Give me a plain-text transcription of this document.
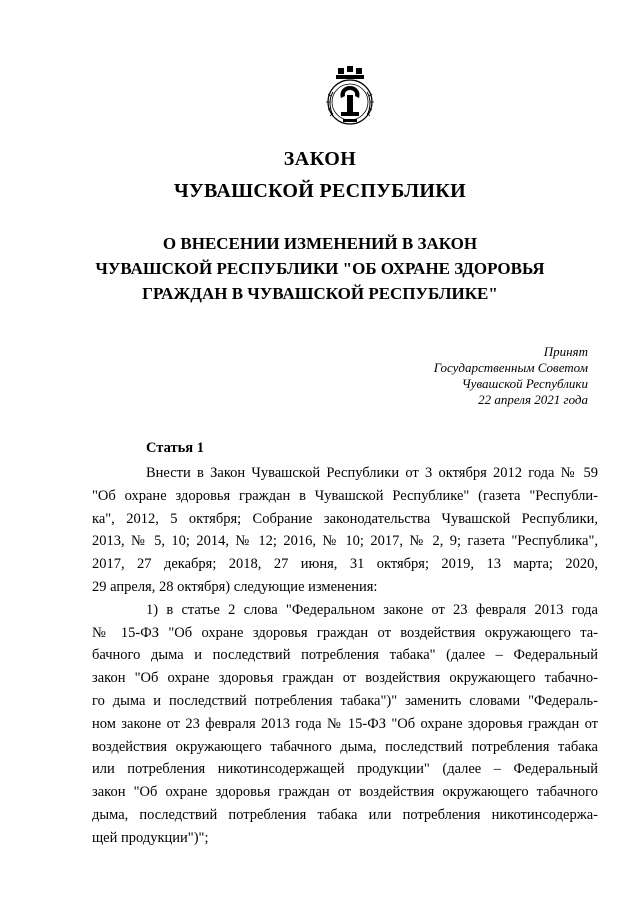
ЗАКОН
ЧУВАШСКОЙ РЕСПУБЛИКИ
О ВНЕСЕНИИ ИЗМЕНЕНИЙ В ЗАКОН
ЧУВАШСКОЙ РЕСПУБЛИКИ "ОБ ОХРАНЕ ЗДОРОВЬЯ
ГРАЖДАН В ЧУВАШСКОЙ РЕСПУБЛИКЕ"
Принят
Государственным Советом
Чувашской Республики
22 апреля 2021 года
Статья 1
Внести в Закон Чувашской Республики от 3 октября 2012 года № 59
"Об охране здоровья граждан в Чувашской Республике" (газета "Республи-
ка", 2012, 5 октября; Собрание законодательства Чувашской Республики,
2013, № 5, 10; 2014, № 12; 2016, № 10; 2017, № 2, 9; газета "Республика",
2017, 27 декабря; 2018, 27 июня, 31 октября; 2019, 13 марта; 2020,
29 апреля, 28 октября) следующие изменения:
1) в статье 2 слова "Федеральном законе от 23 февраля 2013 года
№ 15-ФЗ "Об охране здоровья граждан от воздействия окружающего та-
бачного дыма и последствий потребления табака" (далее – Федеральный
закон "Об охране здоровья граждан от воздействия окружающего табачно-
го дыма и последствий потребления табака")" заменить словами "Федераль-
ном законе от 23 февраля 2013 года № 15-ФЗ "Об охране здоровья граждан от
воздействия окружающего табачного дыма, последствий потребления табака
или потребления никотинсодержащей продукции" (далее – Федеральный
закон "Об охране здоровья граждан от воздействия окружающего табачного
дыма, последствий потребления табака или потребления никотинсодержа-
щей продукции")";
